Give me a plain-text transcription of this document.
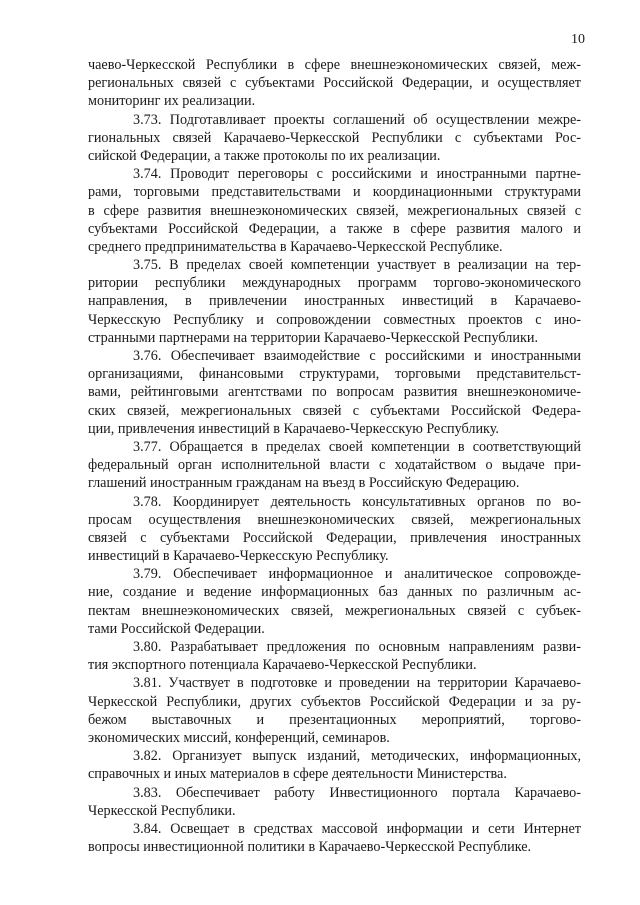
10
чаево-Черкесской Республики в сфере внешнеэкономических связей, меж-
региональных связей с субъектами Российской Федерации, и осуществляет
мониторинг их реализации.
3.73. Подготавливает проекты соглашений об осуществлении межре-
гиональных связей Карачаево-Черкесской Республики с субъектами Рос-
сийской Федерации, а также протоколы по их реализации.
3.74. Проводит переговоры с российскими и иностранными партне-
рами, торговыми представительствами и координационными структурами
в сфере развития внешнеэкономических связей, межрегиональных связей с
субъектами Российской Федерации, а также в сфере развития малого и
среднего предпринимательства в Карачаево-Черкесской Республике.
3.75. В пределах своей компетенции участвует в реализации на тер-
ритории республики международных программ торгово-экономического
направления, в привлечении иностранных инвестиций в Карачаево-
Черкесскую Республику и сопровождении совместных проектов с ино-
странными партнерами на территории Карачаево-Черкесской Республики.
3.76. Обеспечивает взаимодействие с российскими и иностранными
организациями, финансовыми структурами, торговыми представительст-
вами, рейтинговыми агентствами по вопросам развития внешнеэкономиче-
ских связей, межрегиональных связей с субъектами Российской Федера-
ции, привлечения инвестиций в Карачаево-Черкесскую Республику.
3.77. Обращается в пределах своей компетенции в соответствующий
федеральный орган исполнительной власти с ходатайством о выдаче при-
глашений иностранным гражданам на въезд в Российскую Федерацию.
3.78. Координирует деятельность консультативных органов по во-
просам осуществления внешнеэкономических связей, межрегиональных
связей с субъектами Российской Федерации, привлечения иностранных
инвестиций в Карачаево-Черкесскую Республику.
3.79. Обеспечивает информационное и аналитическое сопровожде-
ние, создание и ведение информационных баз данных по различным ас-
пектам внешнеэкономических связей, межрегиональных связей с субъек-
тами Российской Федерации.
3.80. Разрабатывает предложения по основным направлениям разви-
тия экспортного потенциала Карачаево-Черкесской Республики.
3.81. Участвует в подготовке и проведении на территории Карачаево-
Черкесской Республики, других субъектов Российской Федерации и за ру-
бежом выставочных и презентационных мероприятий, торгово-
экономических миссий, конференций, семинаров.
3.82. Организует выпуск изданий, методических, информационных,
справочных и иных материалов в сфере деятельности Министерства.
3.83. Обеспечивает работу Инвестиционного портала Карачаево-
Черкесской Республики.
3.84. Освещает в средствах массовой информации и сети Интернет
вопросы инвестиционной политики в Карачаево-Черкесской Республике.
